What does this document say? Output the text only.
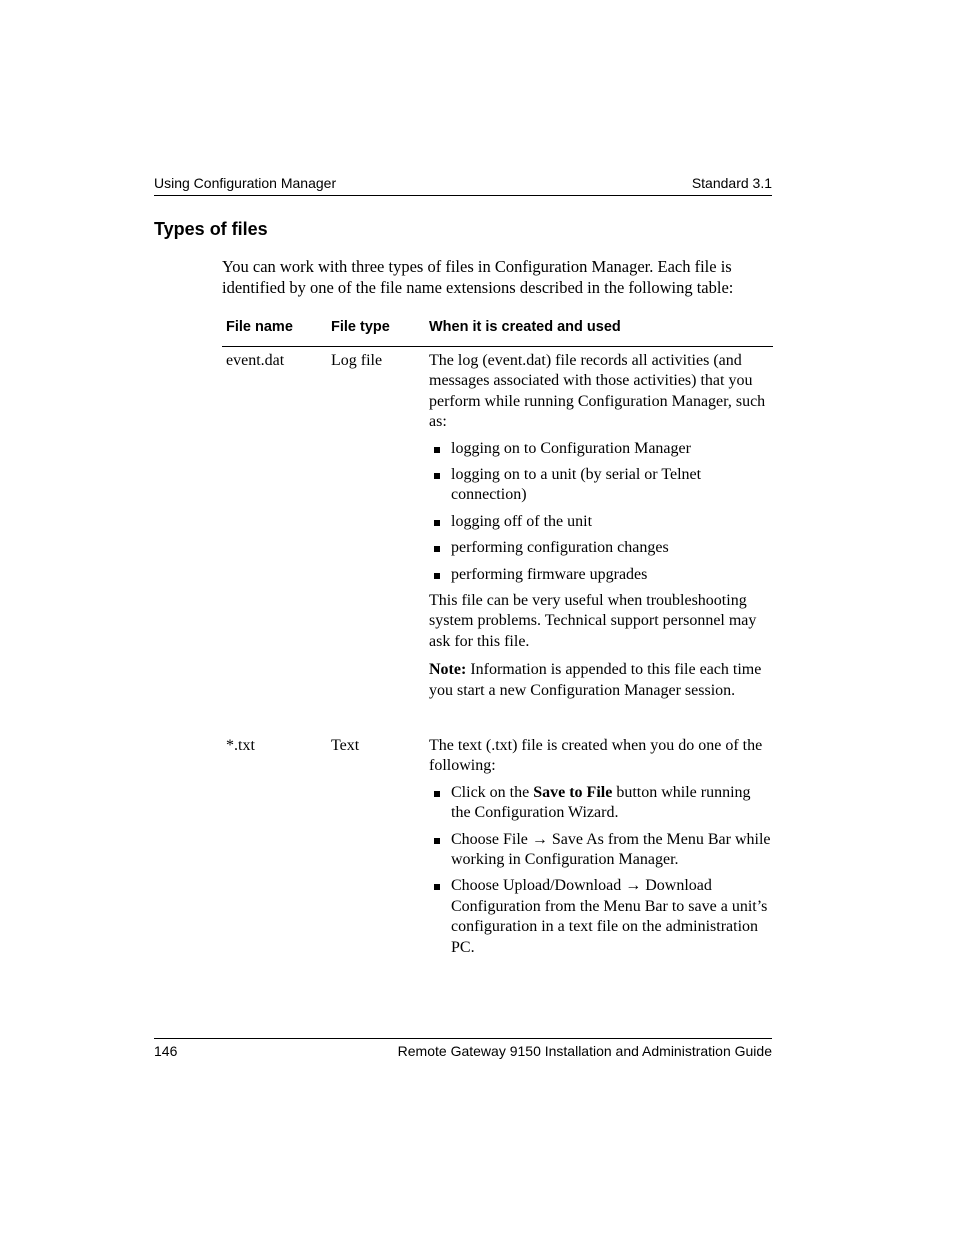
Using Configuration Manager	Standard 3.1
Types of files

You can work with three types of files in Configuration Manager. Each file is identified by one of the file name extensions described in the following table:

File name	File type	When it is created and used
event.dat	Log file	The log (event.dat) file records all activities (and messages associated with those activities) that you perform while running Configuration Manager, such as:

logging on to Configuration Manager
logging on to a unit (by serial or Telnet connection)
logging off of the unit
performing configuration changes
performing firmware upgrades

This file can be very useful when troubleshooting system problems. Technical support personnel may ask for this file.

Note: Information is appended to this file each time you start a new Configuration Manager session.

*.txt	Text	The text (.txt) file is created when you do one of the following:

Click on the Save to File button while running the Configuration Wizard.
Choose File → Save As from the Menu Bar while working in Configuration Manager.
Choose Upload/Download → Download Configuration from the Menu Bar to save a unit’s configuration in a text file on the administration PC.
146	Remote Gateway 9150 Installation and Administration Guide
